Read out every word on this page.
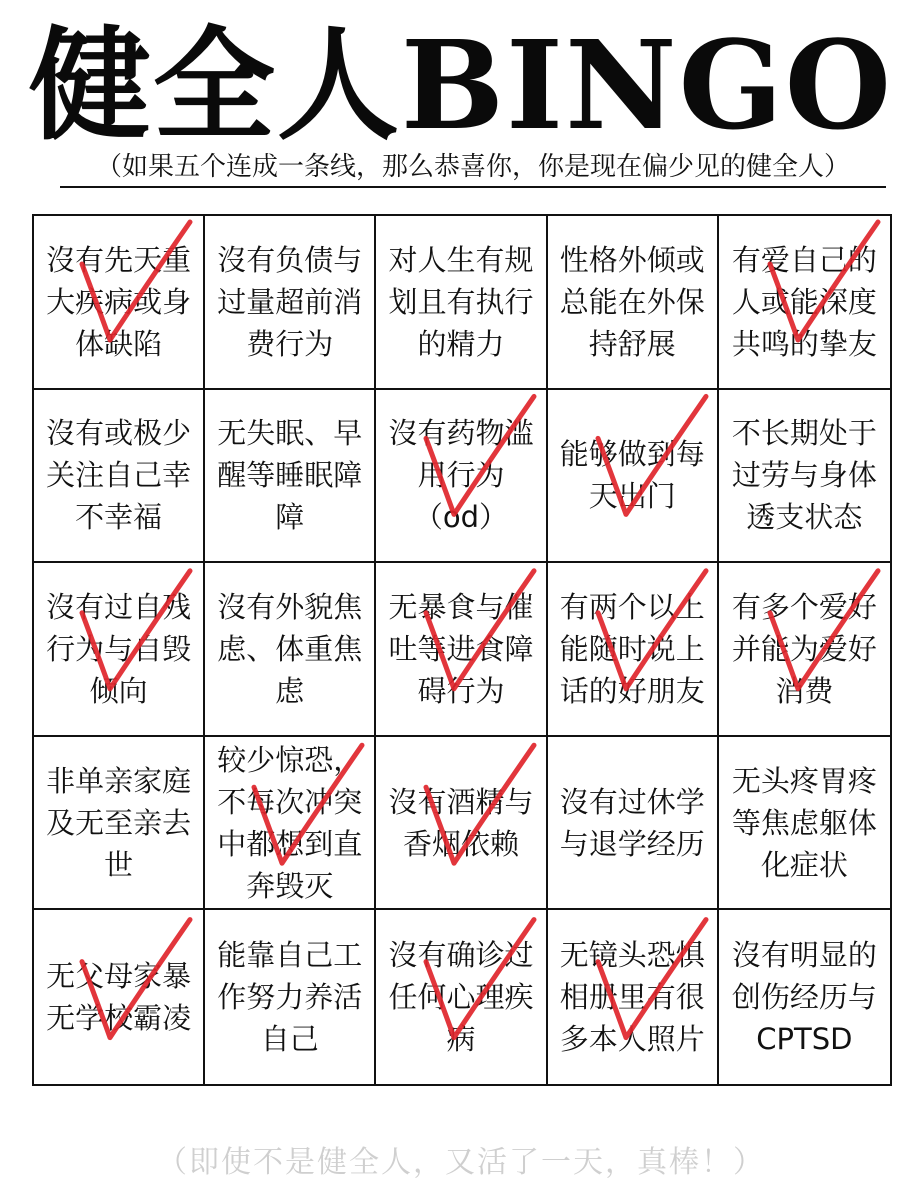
健全人BINGO
（如果五个连成一条线，那么恭喜你，你是现在偏少见的健全人）
沒有先天重大疾病或身体缺陷
沒有负债与过量超前消费行为
对人生有规划且有执行的精力
性格外倾或总能在外保持舒展
有爱自己的人或能深度共鸣的挚友
沒有或极少关注自己幸不幸福
无失眠、早醒等睡眠障障
沒有药物滥用行为（od）
能够做到每天出门
不长期处于过劳与身体透支状态
沒有过自残行为与自毁倾向
沒有外貌焦虑、体重焦虑
无暴食与催吐等进食障碍行为
有两个以上能随时说上话的好朋友
有多个爱好并能为爱好消费
非单亲家庭及无至亲去世
较少惊恐，不每次冲突中都想到直奔毁灭
沒有酒精与香烟依赖
沒有过休学与退学经历
无头疼胃疼等焦虑躯体化症状
无父母家暴无学校霸凌
能靠自己工作努力养活自己
沒有确诊过任何心理疾病
无镜头恐惧相册里有很多本人照片
沒有明显的创伤经历与CPTSD
（即使不是健全人，又活了一天，真棒！）
